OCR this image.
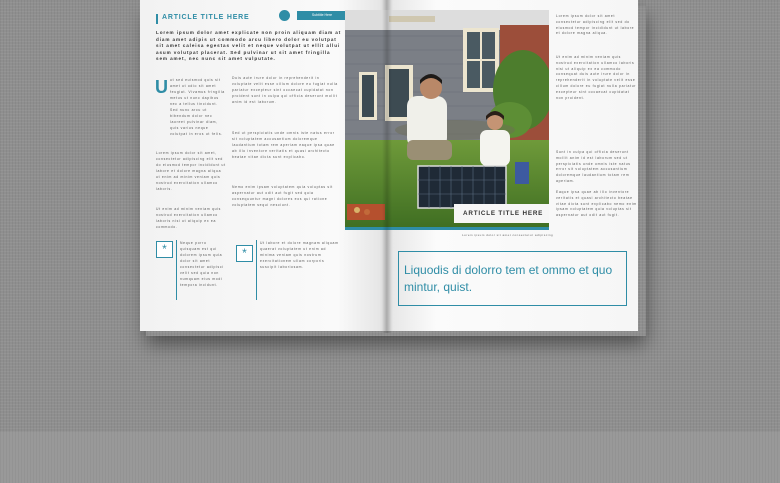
ARTICLE TITLE HERE	Subtitle Here
Lorem ipsum dolor amet explicate non proin aliquam diam at diam amet adipis ut commodo arcu libero dolor eu volutpat sit amet caleisa egestas velit et neque volutpat ut ellit allui asum volutpat placerat. Sed pulvinar ut sit amet fringilla sem amet, nec nunc sit amet vulputate.
U ut sed euismod quis sit amet ut odio sit amet feugiat. Vivamus fringilla metus ut nunc dapibus nec a tellus tincidunt. Sed nunc arcu ut bibendum dolor nec laoreet pulvinar diam, quis varius neque volutpat in eros ut felis.
Lorem ipsum dolor sit amet, consectetur adipiscing elit sed do eiusmod tempor incididunt ut labore et dolore magna aliqua ut enim ad minim veniam quis nostrud exercitation ullamco laboris.
Ut enim ad minim veniam quis nostrud exercitation ullamco laboris nisi ut aliquip ex ea commodo.
Duis aute irure dolor in reprehenderit in voluptate velit esse cillum dolore eu fugiat nulla pariatur excepteur sint occaecat cupidatat non proident sunt in culpa qui officia deserunt mollit anim id est laborum.
Sed ut perspiciatis unde omnis iste natus error sit voluptatem accusantium doloremque laudantium totam rem aperiam eaque ipsa quae ab illo inventore veritatis et quasi architecto beatae vitae dicta sunt explicabo.
Nemo enim ipsam voluptatem quia voluptas sit aspernatur aut odit aut fugit sed quia consequuntur magni dolores eos qui ratione voluptatem sequi nesciunt.
*	Neque porro quisquam est qui dolorem ipsum quia dolor sit amet consectetur adipisci velit sed quia non numquam eius modi tempora incidunt.
*
Ut labore et dolore magnam aliquam quaerat voluptatem ut enim ad minima veniam quis nostrum exercitationem ullam corporis suscipit laboriosam.
ARTICLE TITLE HERE
Lorem ipsum dolor sit amet consectetur adipiscing
Lorem ipsum dolor sit amet consectetur adipiscing elit sed do eiusmod tempor incididunt ut labore et dolore magna aliqua.
Ut enim ad minim veniam quis nostrud exercitation ullamco laboris nisi ut aliquip ex ea commodo consequat duis aute irure dolor in reprehenderit in voluptate velit esse cillum dolore eu fugiat nulla pariatur excepteur sint occaecat cupidatat non proident.
Sunt in culpa qui officia deserunt mollit anim id est laborum sed ut perspiciatis unde omnis iste natus error sit voluptatem accusantium doloremque laudantium totam rem aperiam.
Eaque ipsa quae ab illo inventore veritatis et quasi architecto beatae vitae dicta sunt explicabo nemo enim ipsam voluptatem quia voluptas sit aspernatur aut odit aut fugit.
Liquodis di dolorro tem et ommo et quo mintur, quist.
